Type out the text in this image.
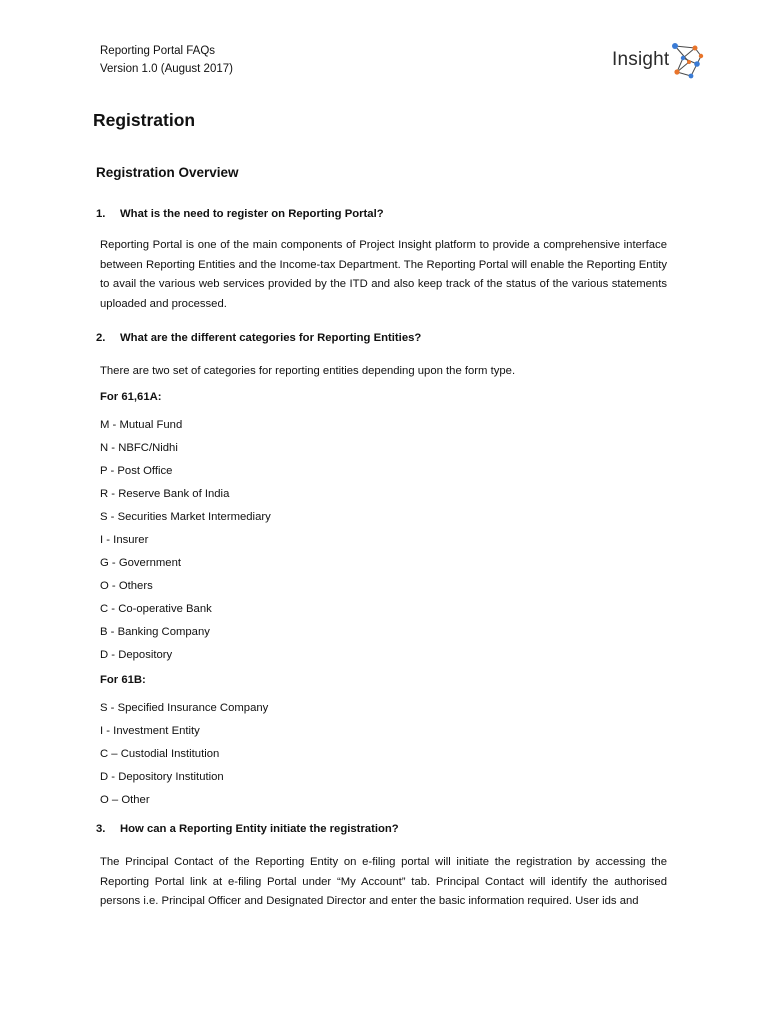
Reporting Portal FAQs
Version 1.0 (August 2017)	Insight
Registration
Registration Overview
1. What is the need to register on Reporting Portal?

Reporting Portal is one of the main components of Project Insight platform to provide a comprehensive interface between Reporting Entities and the Income-tax Department. The Reporting Portal will enable the Reporting Entity to avail the various web services provided by the ITD and also keep track of the status of the various statements uploaded and processed.

2. What are the different categories for Reporting Entities?

There are two set of categories for reporting entities depending upon the form type.

For 61,61A:
M - Mutual Fund
N - NBFC/Nidhi
P - Post Office
R - Reserve Bank of India
S - Securities Market Intermediary
I - Insurer
G - Government
O - Others
C - Co-operative Bank
B - Banking Company
D - Depository
For 61B:
S - Specified Insurance Company
I - Investment Entity
C – Custodial Institution
D - Depository Institution
O – Other
3. How can a Reporting Entity initiate the registration?

The Principal Contact of the Reporting Entity on e-filing portal will initiate the registration by accessing the Reporting Portal link at e-filing Portal under “My Account” tab. Principal Contact will identify the authorised persons i.e. Principal Officer and Designated Director and enter the basic information required. User ids and
